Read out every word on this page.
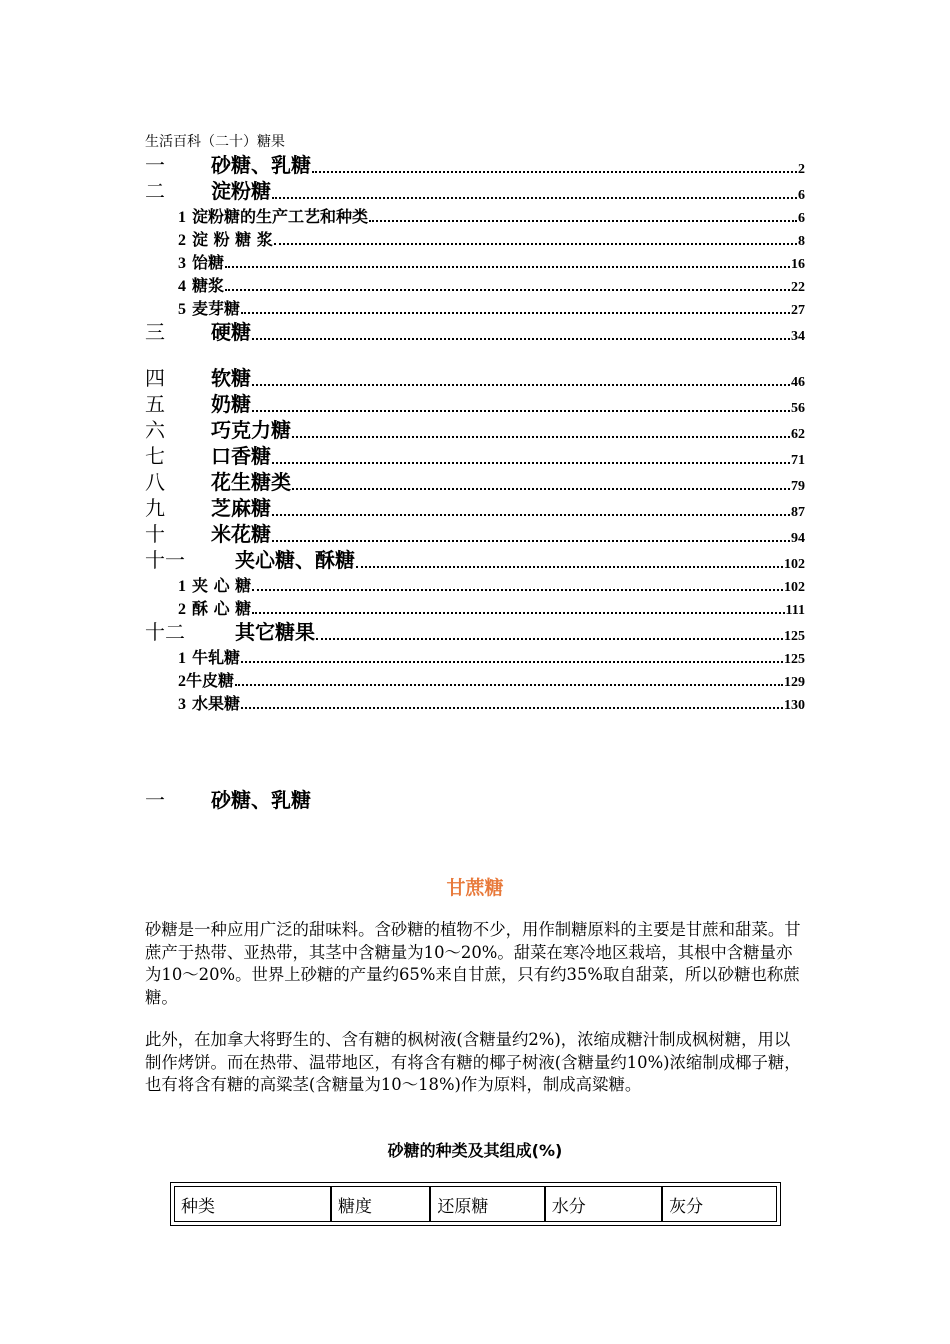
生活百科（二十）糖果
一	砂糖、乳糖	2
二	淀粉糖	6
1 淀粉糖的生产工艺和种类	6
2 淀 粉 糖 浆	8
3 饴糖	16
4 糖浆	22
5 麦芽糖	27
三	硬糖	34
四	软糖	46
五	奶糖	56
六	巧克力糖	62
七	口香糖	71
八	花生糖类	79
九	芝麻糖	87
十	米花糖	94
十一	夹心糖、酥糖	102
1 夹 心 糖	102
2 酥 心 糖	111
十二	其它糖果	125
1 牛轧糖	125
2 牛皮糖	129
3 水果糖	130
一 砂糖、乳糖
甘蔗糖

砂糖是一种应用广泛的甜味料。含砂糖的植物不少，用作制糖原料的主要是甘蔗和甜菜。甘蔗产于热带、亚热带，其茎中含糖量为10～20%。甜菜在寒冷地区栽培，其根中含糖量亦为10～20%。世界上砂糖的产量约65%来自甘蔗，只有约35%取自甜菜，所以砂糖也称蔗糖。

此外，在加拿大将野生的、含有糖的枫树液(含糖量约2%)，浓缩成糖汁制成枫树糖，用以制作烤饼。而在热带、温带地区，有将含有糖的椰子树液(含糖量约10%)浓缩制成椰子糖，也有将含有糖的高粱茎(含糖量为10～18%)作为原料，制成高粱糖。

砂糖的种类及其组成(%)
种类	糖度	还原糖	水分	灰分
